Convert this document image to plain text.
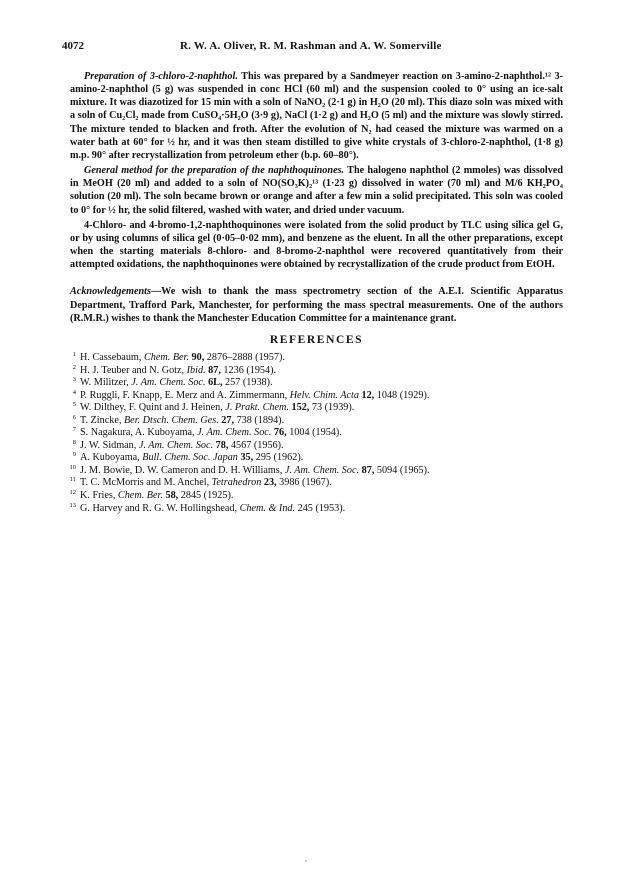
4072	R. W. A. Oliver, R. M. Rashman and A. W. Somerville

Preparation of 3-chloro-2-naphthol. This was prepared by a Sandmeyer reaction on 3-amino-2-naphthol.¹² 3-amino-2-naphthol (5 g) was suspended in conc HCl (60 ml) and the suspension cooled to 0° using an ice-salt mixture. It was diazotized for 15 min with a soln of NaNO₂ (2·1 g) in H₂O (20 ml). This diazo soln was mixed with a soln of Cu₂Cl₂ made from CuSO₄·5H₂O (3·9 g), NaCl (1·2 g) and H₂O (5 ml) and the mixture was slowly stirred. The mixture tended to blacken and froth. After the evolution of N₂ had ceased the mixture was warmed on a water bath at 60° for ½ hr, and it was then steam distilled to give white crystals of 3-chloro-2-naphthol, (1·8 g) m.p. 90° after recrystallization from petroleum ether (b.p. 60–80°).

General method for the preparation of the naphthoquinones. The halogeno naphthol (2 mmoles) was dissolved in MeOH (20 ml) and added to a soln of NO(SO₃K)₂¹³ (1·23 g) dissolved in water (70 ml) and M/6 KH₂PO₄ solution (20 ml). The soln became brown or orange and after a few min a solid precipitated. This soln was cooled to 0° for ½ hr, the solid filtered, washed with water, and dried under vacuum.

4-Chloro- and 4-bromo-1,2-naphthoquinones were isolated from the solid product by TLC using silica gel G, or by using columns of silica gel (0·05–0·02 mm), and benzene as the eluent. In all the other preparations, except when the starting materials 8-chloro- and 8-bromo-2-naphthol were recovered quantitatively from their attempted oxidations, the naphthoquinones were obtained by recrystallization of the crude product from EtOH.

Acknowledgements—We wish to thank the mass spectrometry section of the A.E.I. Scientific Apparatus Department, Trafford Park, Manchester, for performing the mass spectral measurements. One of the authors (R.M.R.) wishes to thank the Manchester Education Committee for a maintenance grant.

REFERENCES
1 H. Cassebaum, Chem. Ber. 90, 2876–2888 (1957).
2 H. J. Teuber and N. Gotz, Ibid. 87, 1236 (1954).
3 W. Militzer, J. Am. Chem. Soc. 6L, 257 (1938).
4 P. Ruggli, F. Knapp, E. Merz and A. Zimmermann, Helv. Chim. Acta 12, 1048 (1929).
5 W. Dilthey, F. Quint and J. Heinen, J. Prakt. Chem. 152, 73 (1939).
6 T. Zincke, Ber. Dtsch. Chem. Ges. 27, 738 (1894).
7 S. Nagakura, A. Kuboyama, J. Am. Chem. Soc. 76, 1004 (1954).
8 J. W. Sidman, J. Am. Chem. Soc. 78, 4567 (1956).
9 A. Kuboyama, Bull. Chem. Soc. Japan 35, 295 (1962).
10 J. M. Bowie, D. W. Cameron and D. H. Williams, J. Am. Chem. Soc. 87, 5094 (1965).
11 T. C. McMorris and M. Anchel, Tetrahedron 23, 3986 (1967).
12 K. Fries, Chem. Ber. 58, 2845 (1925).
13 G. Harvey and R. G. W. Hollingshead, Chem. & Ind. 245 (1953).
